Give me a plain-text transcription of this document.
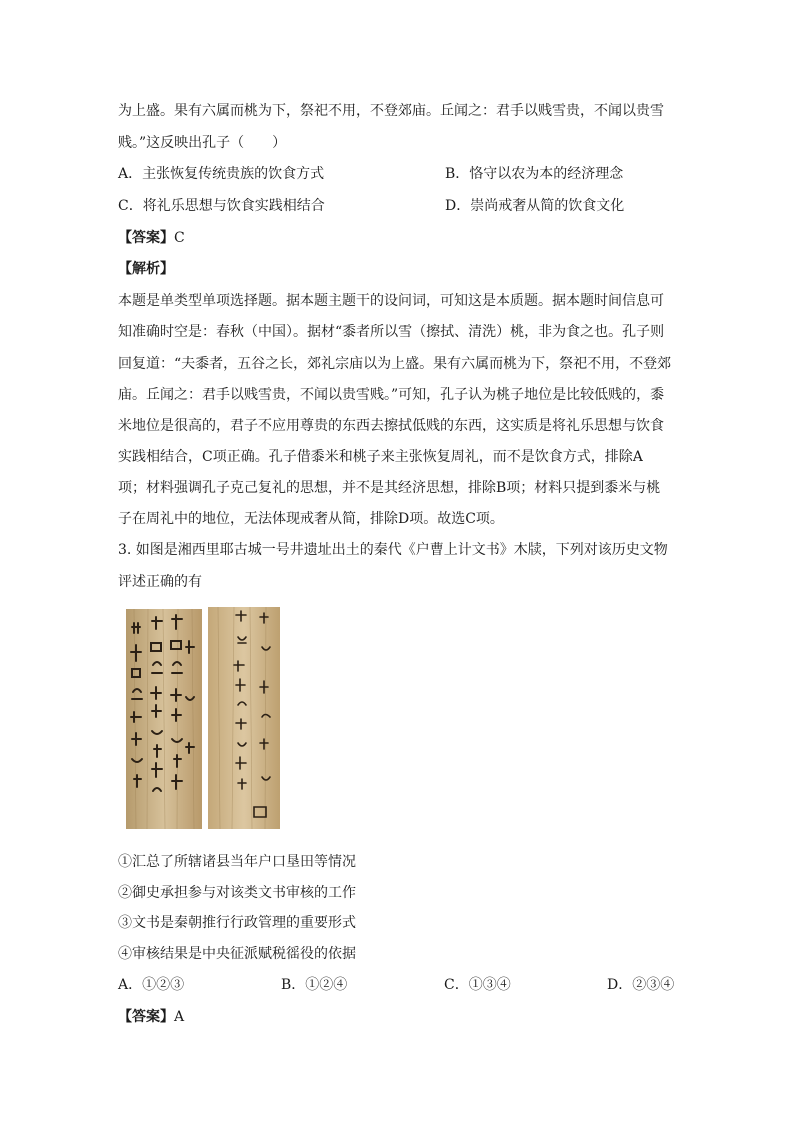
为上盛。果有六属而桃为下，祭祀不用，不登郊庙。丘闻之：君手以贱雪贵，不闻以贵雪
贱。”这反映出孔子（　　）
A．主张恢复传统贵族的饮食方式	B．恪守以农为本的经济理念
C．将礼乐思想与饮食实践相结合	D．崇尚戒奢从简的饮食文化
【答案】C
【解析】
本题是单类型单项选择题。据本题主题干的设问词，可知这是本质题。据本题时间信息可
知准确时空是：春秋（中国）。据材“黍者所以雪（擦拭、清洗）桃，非为食之也。孔子则
回复道：“夫黍者，五谷之长，郊礼宗庙以为上盛。果有六属而桃为下，祭祀不用，不登郊
庙。丘闻之：君手以贱雪贵，不闻以贵雪贱。”可知，孔子认为桃子地位是比较低贱的，黍
米地位是很高的，君子不应用尊贵的东西去擦拭低贱的东西，这实质是将礼乐思想与饮食
实践相结合，C项正确。孔子借黍米和桃子来主张恢复周礼，而不是饮食方式，排除A
项；材料强调孔子克己复礼的思想，并不是其经济思想，排除B项；材料只提到黍米与桃
子在周礼中的地位，无法体现戒奢从简，排除D项。故选C项。
3. 如图是湘西里耶古城一号井遗址出土的秦代《户曹上计文书》木牍，下列对该历史文物
评述正确的有
①汇总了所辖诸县当年户口垦田等情况
②御史承担参与对该类文书审核的工作
③文书是秦朝推行行政管理的重要形式
④审核结果是中央征派赋税徭役的依据
A．①②③	B．①②④	C．①③④	D．②③④
【答案】A
